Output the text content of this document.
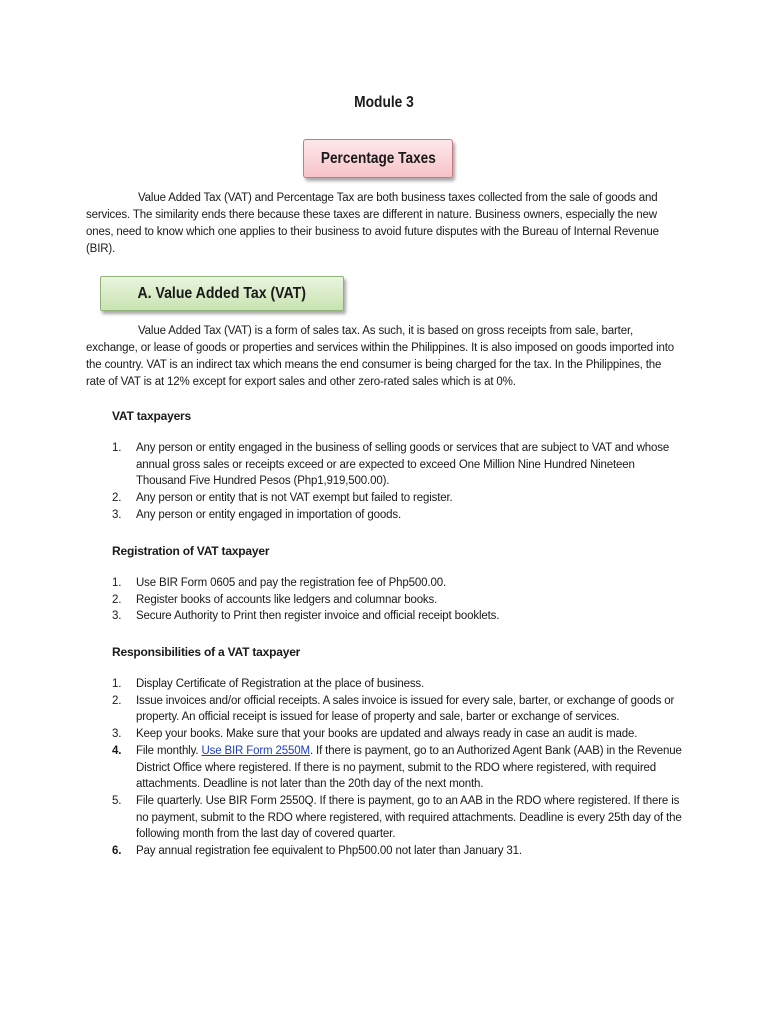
Module 3
Percentage Taxes

Value Added Tax (VAT) and Percentage Tax are both business taxes collected from the sale of goods and services. The similarity ends there because these taxes are different in nature. Business owners, especially the new ones, need to know which one applies to their business to avoid future disputes with the Bureau of Internal Revenue (BIR).

A. Value Added Tax (VAT)

Value Added Tax (VAT) is a form of sales tax. As such, it is based on gross receipts from sale, barter, exchange, or lease of goods or properties and services within the Philippines. It is also imposed on goods imported into the country. VAT is an indirect tax which means the end consumer is being charged for the tax. In the Philippines, the rate of VAT is at 12% except for export sales and other zero-rated sales which is at 0%.

VAT taxpayers
1. Any person or entity engaged in the business of selling goods or services that are subject to VAT and whose annual gross sales or receipts exceed or are expected to exceed One Million Nine Hundred Nineteen Thousand Five Hundred Pesos (Php1,919,500.00).
2. Any person or entity that is not VAT exempt but failed to register.
3. Any person or entity engaged in importation of goods.
Registration of VAT taxpayer
1. Use BIR Form 0605 and pay the registration fee of Php500.00.
2. Register books of accounts like ledgers and columnar books.
3. Secure Authority to Print then register invoice and official receipt booklets.
Responsibilities of a VAT taxpayer
1. Display Certificate of Registration at the place of business.
2. Issue invoices and/or official receipts. A sales invoice is issued for every sale, barter, or exchange of goods or property. An official receipt is issued for lease of property and sale, barter or exchange of services.
3. Keep your books. Make sure that your books are updated and always ready in case an audit is made.
4. File monthly. Use BIR Form 2550M. If there is payment, go to an Authorized Agent Bank (AAB) in the Revenue District Office where registered. If there is no payment, submit to the RDO where registered, with required attachments. Deadline is not later than the 20th day of the next month.
5. File quarterly. Use BIR Form 2550Q. If there is payment, go to an AAB in the RDO where registered. If there is no payment, submit to the RDO where registered, with required attachments. Deadline is every 25th day of the following month from the last day of covered quarter.
6. Pay annual registration fee equivalent to Php500.00 not later than January 31.
